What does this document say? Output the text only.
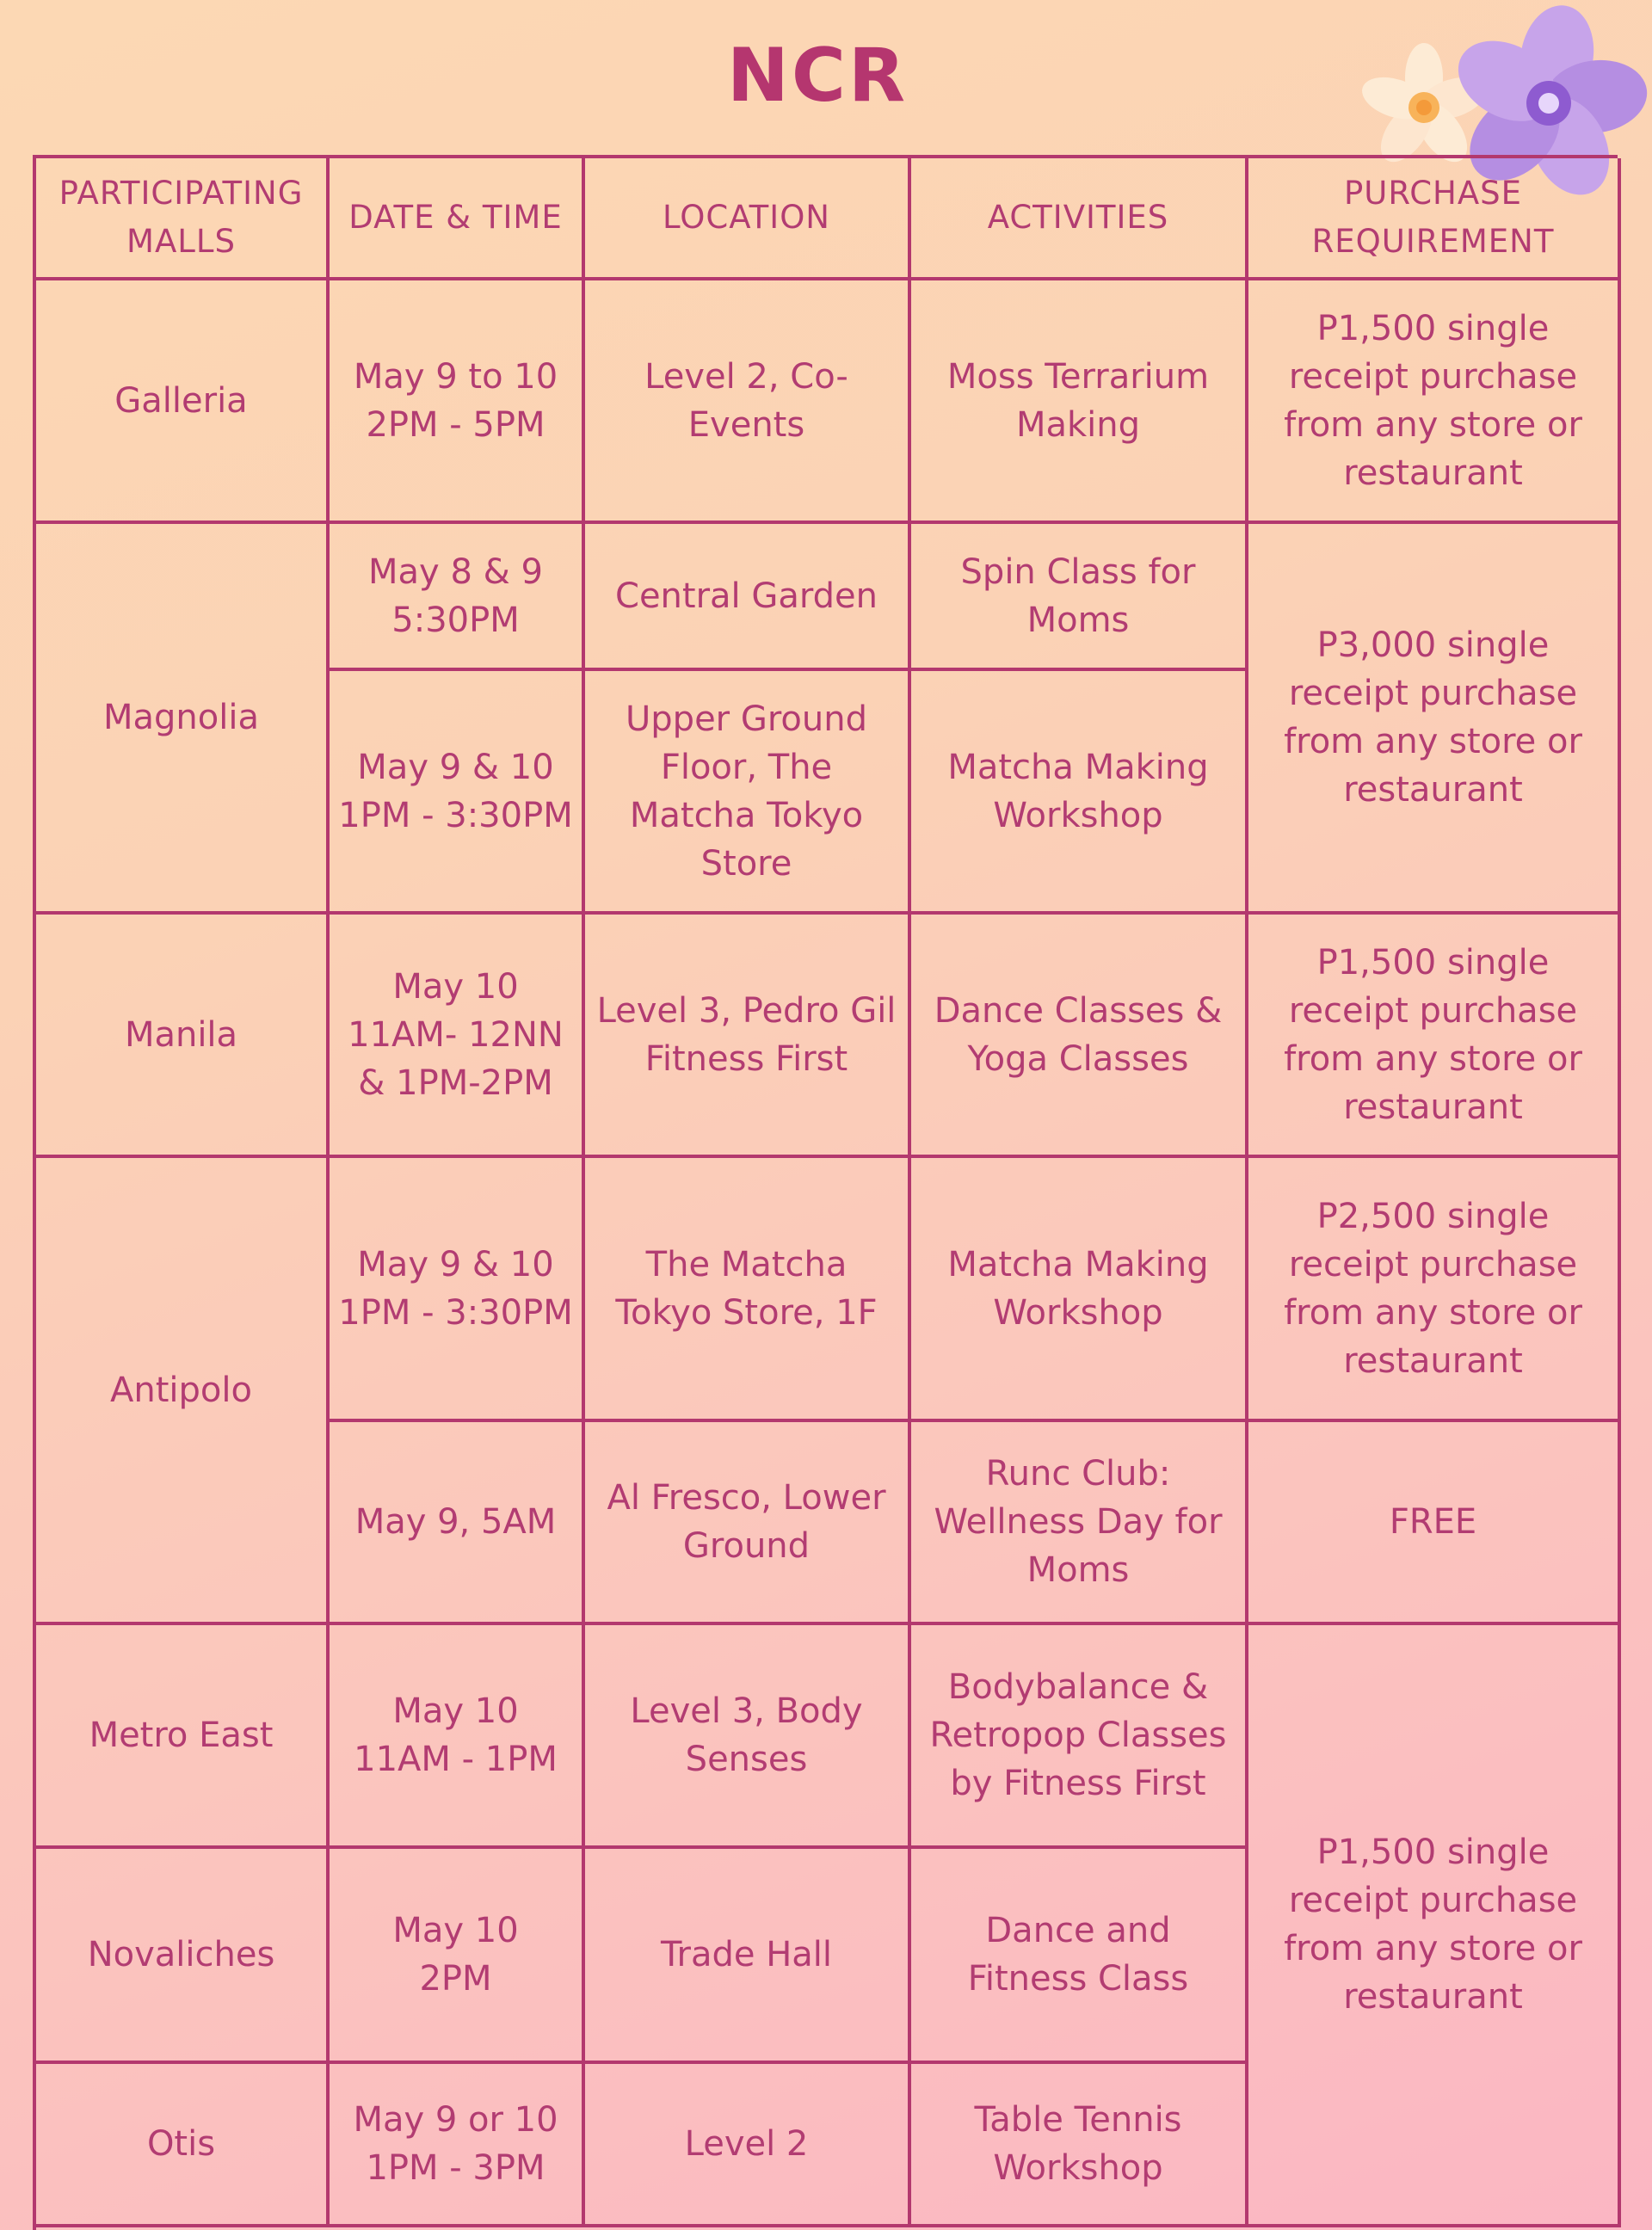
NCR
PARTICIPATING
MALLS
DATE & TIME	LOCATION	ACTIVITIES
PURCHASE
REQUIREMENT
Galleria
May 9 to 10
2PM - 5PM
Level 2, Co-
Events
Moss Terrarium
Making
P1,500 single
receipt purchase
from any store or
restaurant
Magnolia
May 8 & 9
5:30PM
Central Garden
Spin Class for
Moms
P3,000 single
receipt purchase
from any store or
restaurant
May 9 & 10
1PM - 3:30PM
Upper Ground
Floor, The
Matcha Tokyo
Store
Matcha Making
Workshop
Manila
May 10
11AM- 12NN
& 1PM-2PM
Level 3, Pedro Gil
Fitness First
Dance Classes &
Yoga Classes
P1,500 single
receipt purchase
from any store or
restaurant
Antipolo
May 9 & 10
1PM - 3:30PM
The Matcha
Tokyo Store, 1F
Matcha Making
Workshop
P2,500 single
receipt purchase
from any store or
restaurant
May 9, 5AM
Al Fresco, Lower
Ground
Runc Club:
Wellness Day for
Moms
FREE
Metro East
May 10
11AM - 1PM
Level 3, Body
Senses
Bodybalance &
Retropop Classes
by Fitness First
P1,500 single
receipt purchase
from any store or
restaurant
Novaliches
May 10
2PM
Trade Hall
Dance and
Fitness Class
Otis
May 9 or 10
1PM - 3PM
Level 2
Table Tennis
Workshop
